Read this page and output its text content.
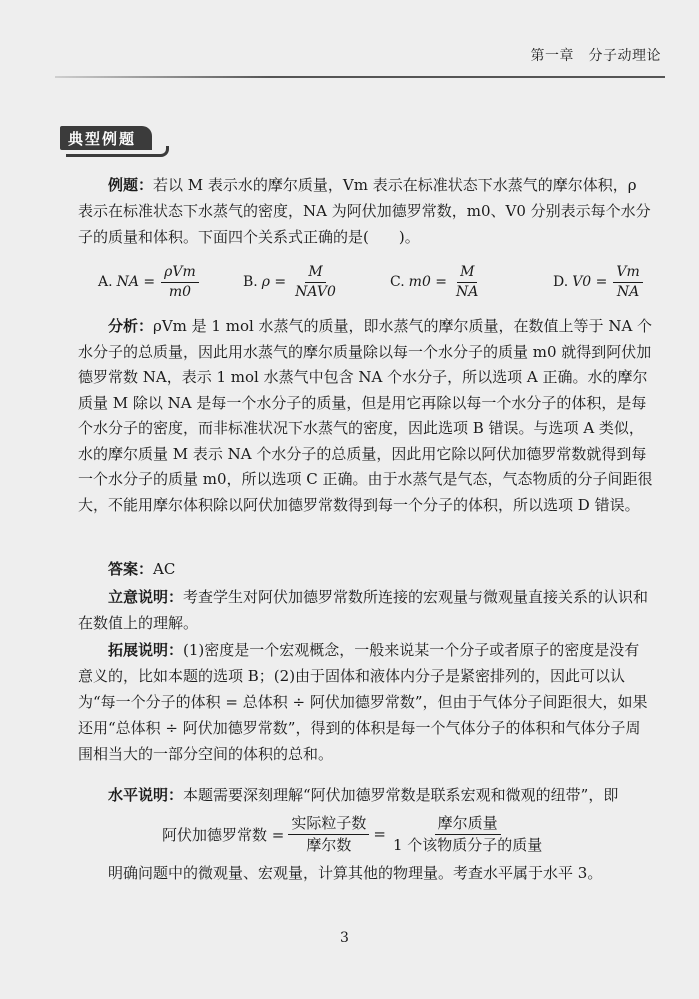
第一章　分子动理论
典型例题

例题：若以 M 表示水的摩尔质量，Vm 表示在标准状态下水蒸气的摩尔体积，ρ 表示在标准状态下水蒸气的密度，NA 为阿伏加德罗常数，m0、V0 分别表示每个水分子的质量和体积。下面四个关系式正确的是(　　)。

A. NA = $\frac{\text{ρVm}}{m0}$	B. $\rho = \frac{M}{\text{NAV0}}$	C. $m0 = \frac{M}{NA}$	D. $V0 = \frac{Vm}{NA}$

分析：ρVm 是 1 mol 水蒸气的质量，即水蒸气的摩尔质量，在数值上等于 NA 个水分子的总质量，因此用水蒸气的摩尔质量除以每一个水分子的质量 m0 就得到阿伏加德罗常数 NA，表示 1 mol 水蒸气中包含 NA 个水分子，所以选项 A 正确。水的摩尔质量 M 除以 NA 是每一个水分子的质量，但是用它再除以每一个水分子的体积，是每个水分子的密度，而非标准状况下水蒸气的密度，因此选项 B 错误。与选项 A 类似，水的摩尔质量 M 表示 NA 个水分子的总质量，因此用它除以阿伏加德罗常数就得到每一个水分子的质量 m0，所以选项 C 正确。由于水蒸气是气态，气态物质的分子间距很大，不能用摩尔体积除以阿伏加德罗常数得到每一个分子的体积，所以选项 D 错误。

答案：AC

立意说明：考查学生对阿伏加德罗常数所连接的宏观量与微观量直接关系的认识和在数值上的理解。

拓展说明：(1)密度是一个宏观概念，一般来说某一个分子或者原子的密度是没有意义的，比如本题的选项 B；(2)由于固体和液体内分子是紧密排列的，因此可以认为“每一个分子的体积 = 总体积 ÷ 阿伏加德罗常数”，但由于气体分子间距很大，如果还用“总体积 ÷ 阿伏加德罗常数”，得到的体积是每一个气体分子的体积和气体分子周围相当大的一部分空间的体积的总和。

水平说明：本题需要深刻理解“阿伏加德罗常数是联系宏观和微观的纽带”，即

阿伏加德罗常数 = $\frac{\text{实际粒子数}}{\text{摩尔数}} = \frac{\text{摩尔质量}}{\text{1 个该物质分子的质量}}$

明确问题中的微观量、宏观量，计算其他的物理量。考查水平属于水平 3。

3
